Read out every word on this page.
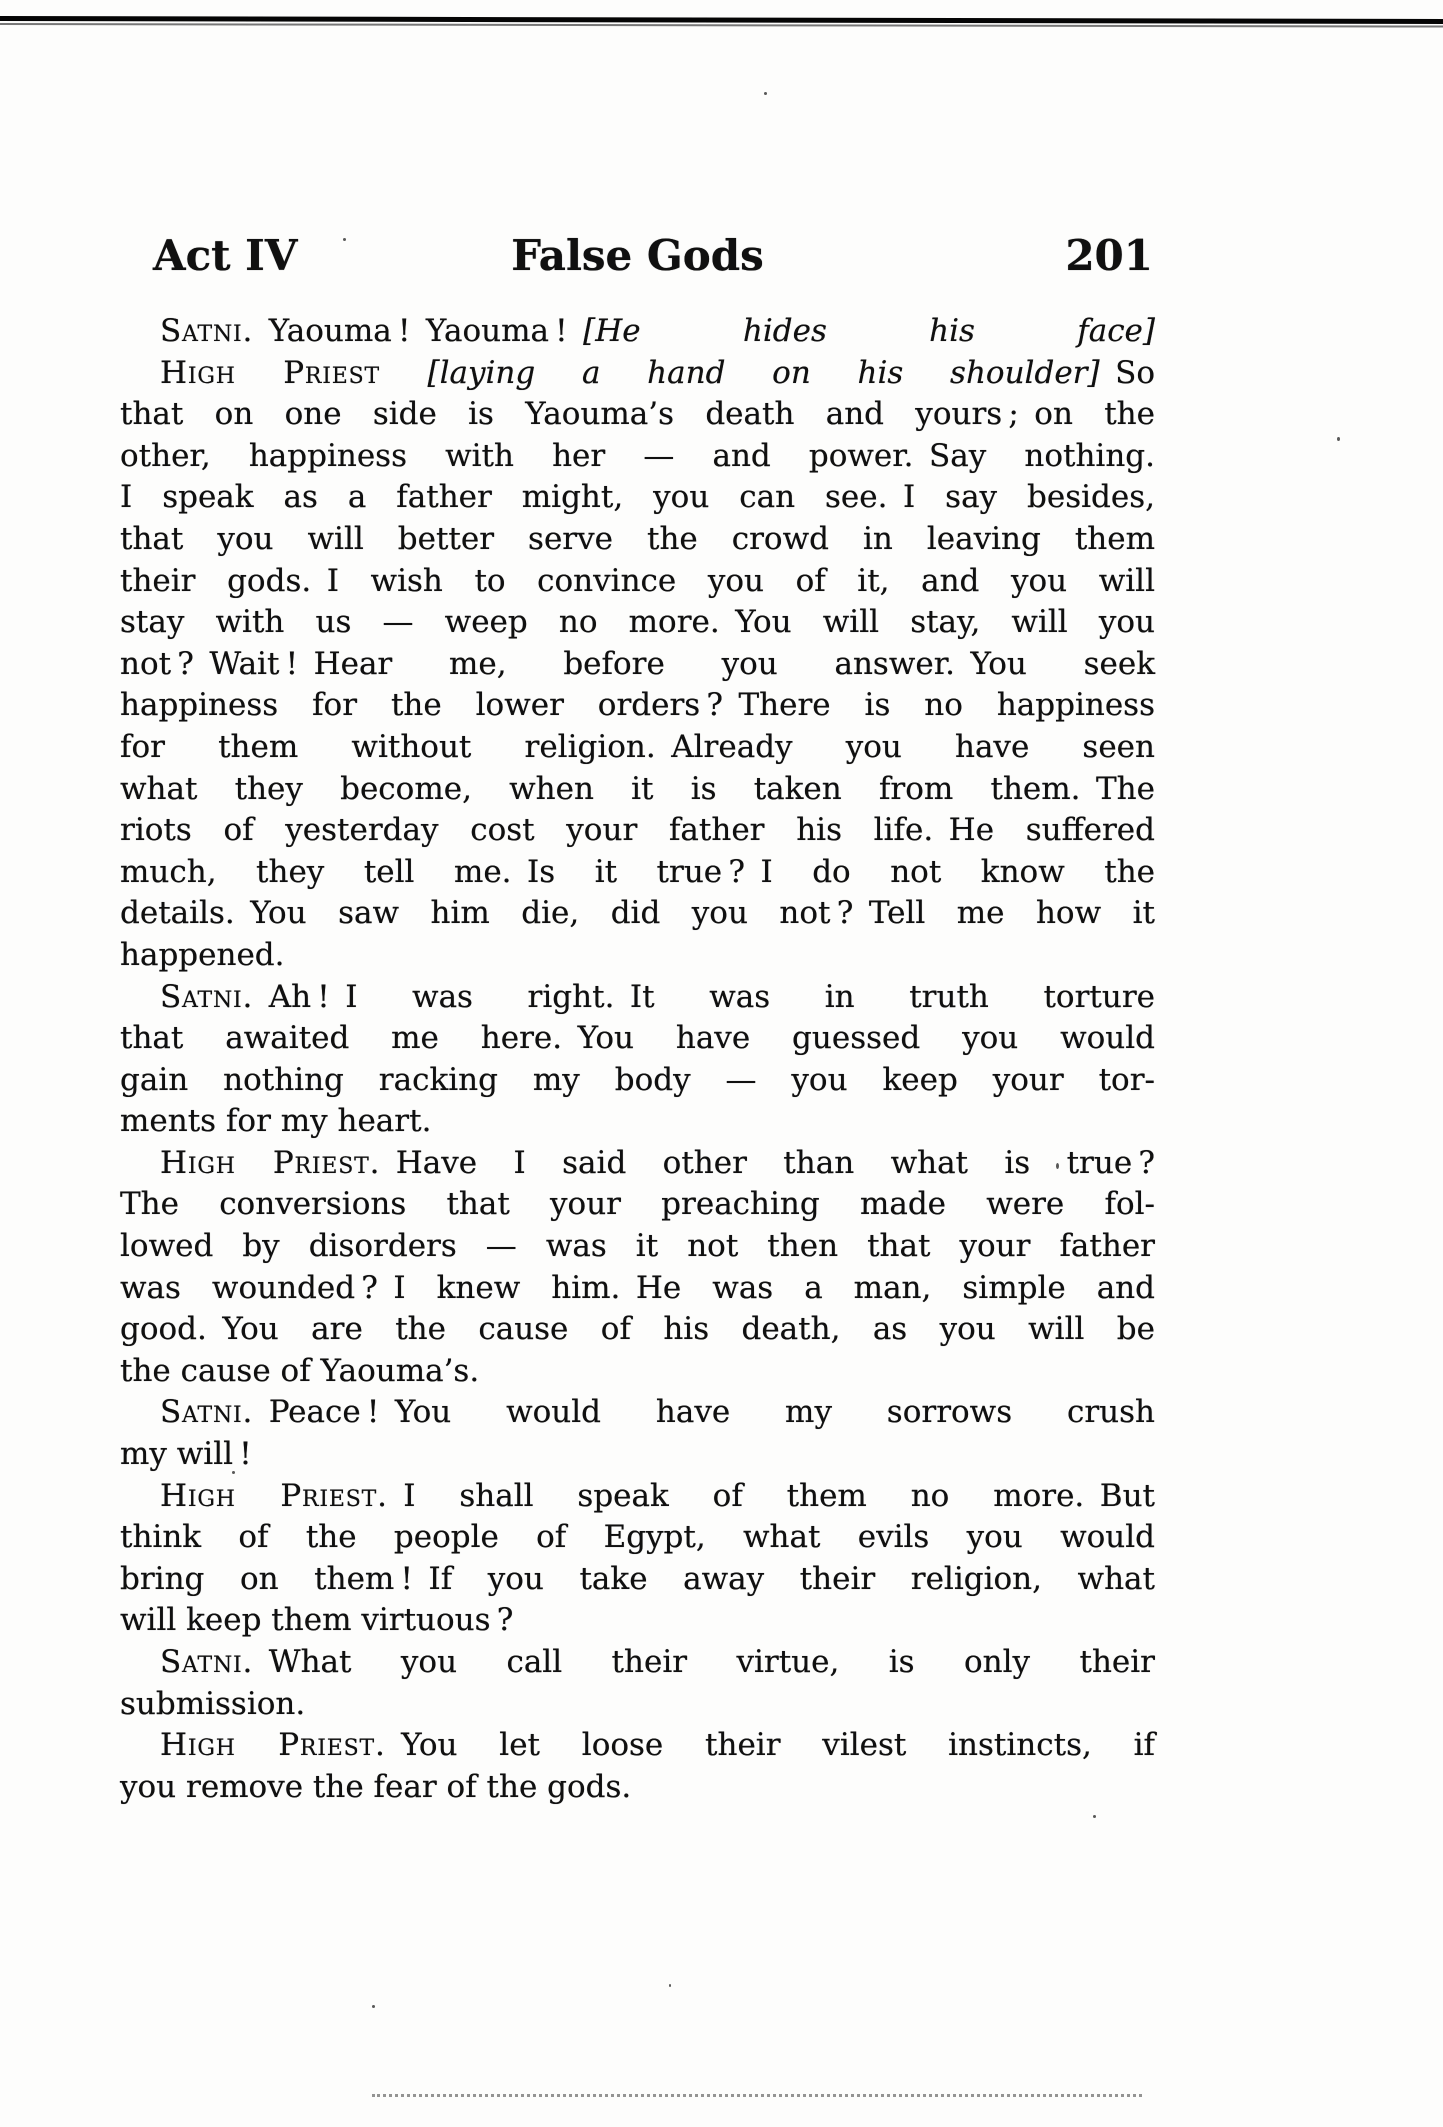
Act IV	False Gods	201
Satni. Yaouma ! Yaouma ! [He hides his face]
High Priest [laying a hand on his shoulder] So
that on one side is Yaouma’s death and yours ; on the
other, happiness with her — and power. Say nothing.
I speak as a father might, you can see. I say besides,
that you will better serve the crowd in leaving them
their gods. I wish to convince you of it, and you will
stay with us — weep no more. You will stay, will you
not ? Wait ! Hear me, before you answer. You seek
happiness for the lower orders ? There is no happiness
for them without religion. Already you have seen
what they become, when it is taken from them. The
riots of yesterday cost your father his life. He suffered
much, they tell me. Is it true ? I do not know the
details. You saw him die, did you not ? Tell me how it
happened.
Satni. Ah ! I was right. It was in truth torture
that awaited me here. You have guessed you would
gain nothing racking my body — you keep your tor-
ments for my heart.
High Priest. Have I said other than what is true ?
The conversions that your preaching made were fol-
lowed by disorders — was it not then that your father
was wounded ? I knew him. He was a man, simple and
good. You are the cause of his death, as you will be
the cause of Yaouma’s.
Satni. Peace ! You would have my sorrows crush
my will !
High Priest. I shall speak of them no more. But
think of the people of Egypt, what evils you would
bring on them ! If you take away their religion, what
will keep them virtuous ?
Satni. What you call their virtue, is only their
submission.
High Priest. You let loose their vilest instincts, if
you remove the fear of the gods.
